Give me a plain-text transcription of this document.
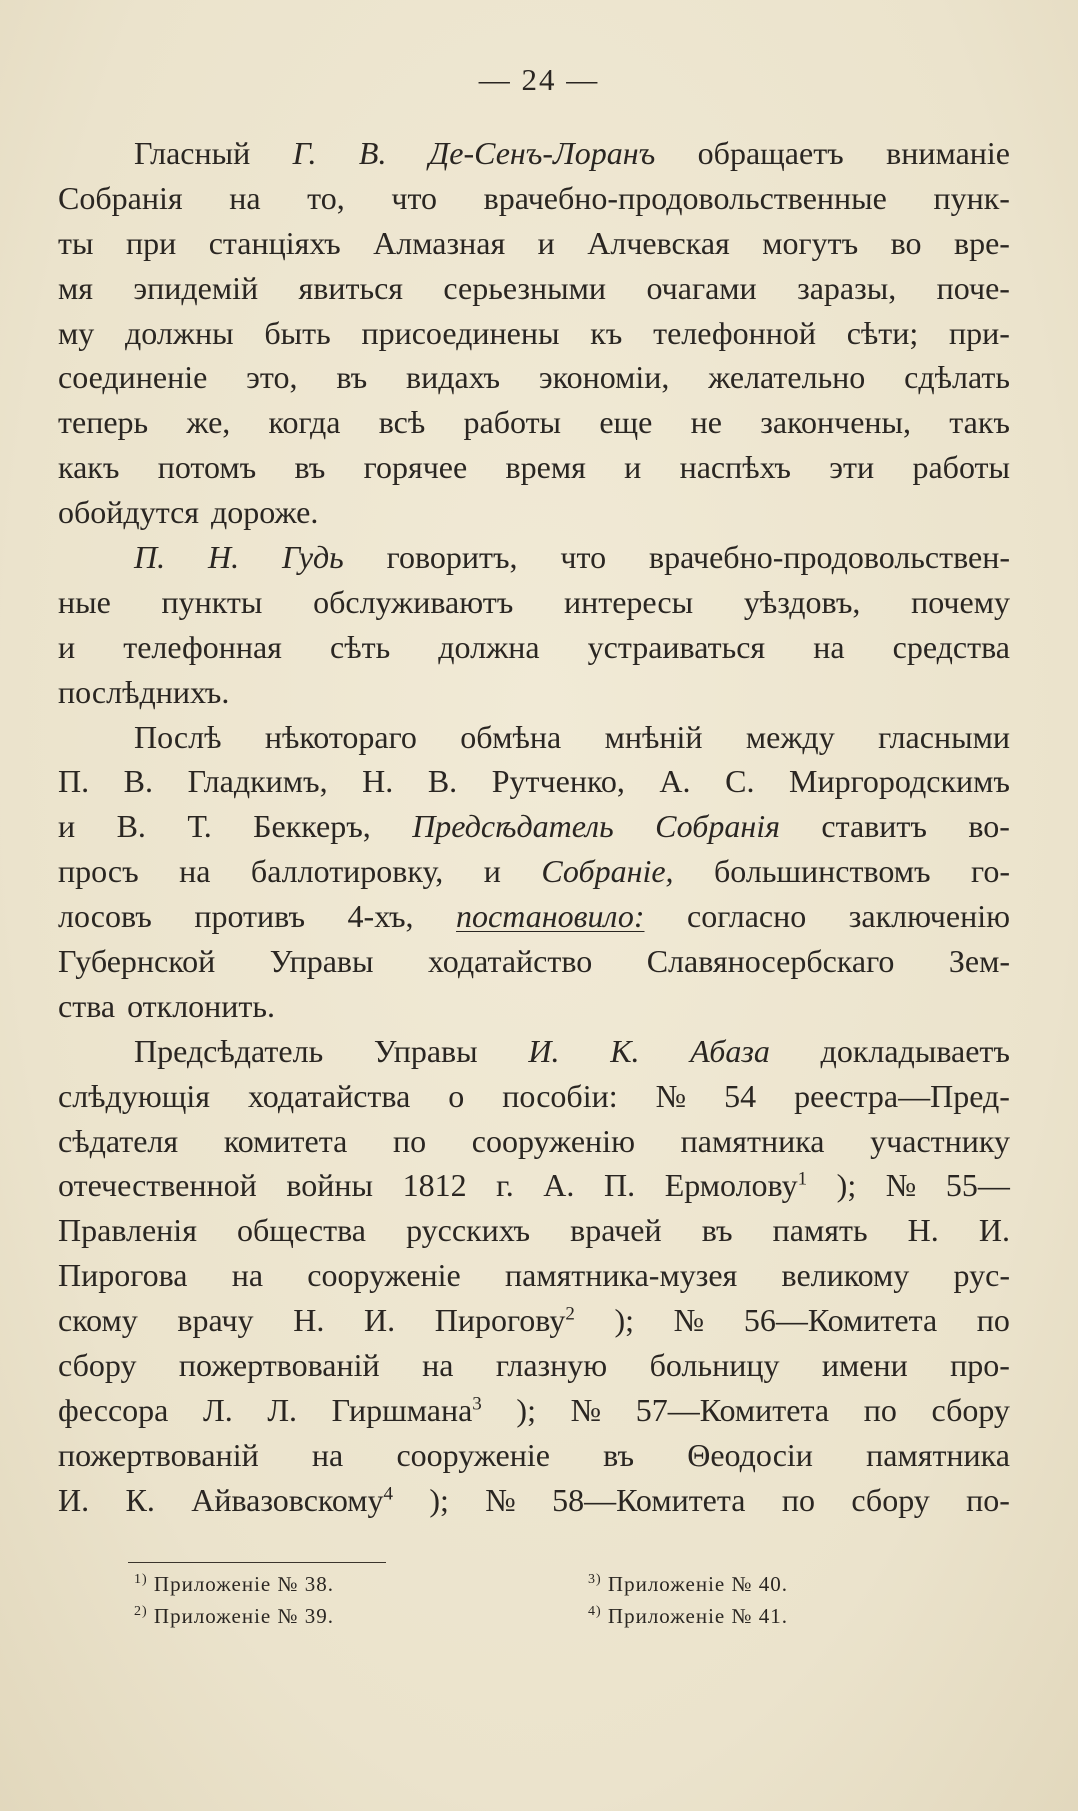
— 24 —
Гласный Г. В. Де-Сенъ-Лоранъ обращаетъ вниманіе
Собранія на то, что врачебно-продовольственные пунк-
ты при станціяхъ Алмазная и Алчевская могутъ во вре-
мя эпидемій явиться серьезными очагами заразы, поче-
му должны быть присоединены къ телефонной сѣти; при-
соединеніе это, въ видахъ экономіи, желательно сдѣлать
теперь же, когда всѣ работы еще не закончены, такъ
какъ потомъ въ горячее время и наспѣхъ эти работы
обойдутся дороже.
П. Н. Гудь говоритъ, что врачебно-продовольствен-
ные пункты обслуживаютъ интересы уѣздовъ, почему
и телефонная сѣть должна устраиваться на средства
послѣднихъ.
Послѣ нѣкотораго обмѣна мнѣній между гласными
П. В. Гладкимъ, Н. В. Рутченко, А. С. Миргородскимъ
и В. Т. Беккеръ, Предсѣдатель Собранія ставитъ во-
просъ на баллотировку, и Собраніе, большинствомъ го-
лосовъ противъ 4-хъ, постановило: согласно заключенію
Губернской Управы ходатайство Славяносербскаго Зем-
ства отклонить.
Предсѣдатель Управы И. К. Абаза докладываетъ
слѣдующія ходатайства о пособіи: № 54 реестра—Пред-
сѣдателя комитета по сооруженію памятника участнику
отечественной войны 1812 г. А. П. Ермолову$^1$ ); № 55—
Правленія общества русскихъ врачей въ память Н. И.
Пирогова на сооруженіе памятника-музея великому рус-
скому врачу Н. И. Пирогову$^2$ ); № 56—Комитета по
сбору пожертвованій на глазную больницу имени про-
фессора Л. Л. Гиршмана$^3$ ); № 57—Комитета по сбору
пожертвованій на сооруженіе въ Θеодосіи памятника
И. К. Айвазовскому$^4$ ); № 58—Комитета по сбору по-
$^{1)}$ Приложеніе № 38.
$^{2)}$ Приложеніе № 39.
$^{3)}$ Приложеніе № 40.
$^{4)}$ Приложеніе № 41.
